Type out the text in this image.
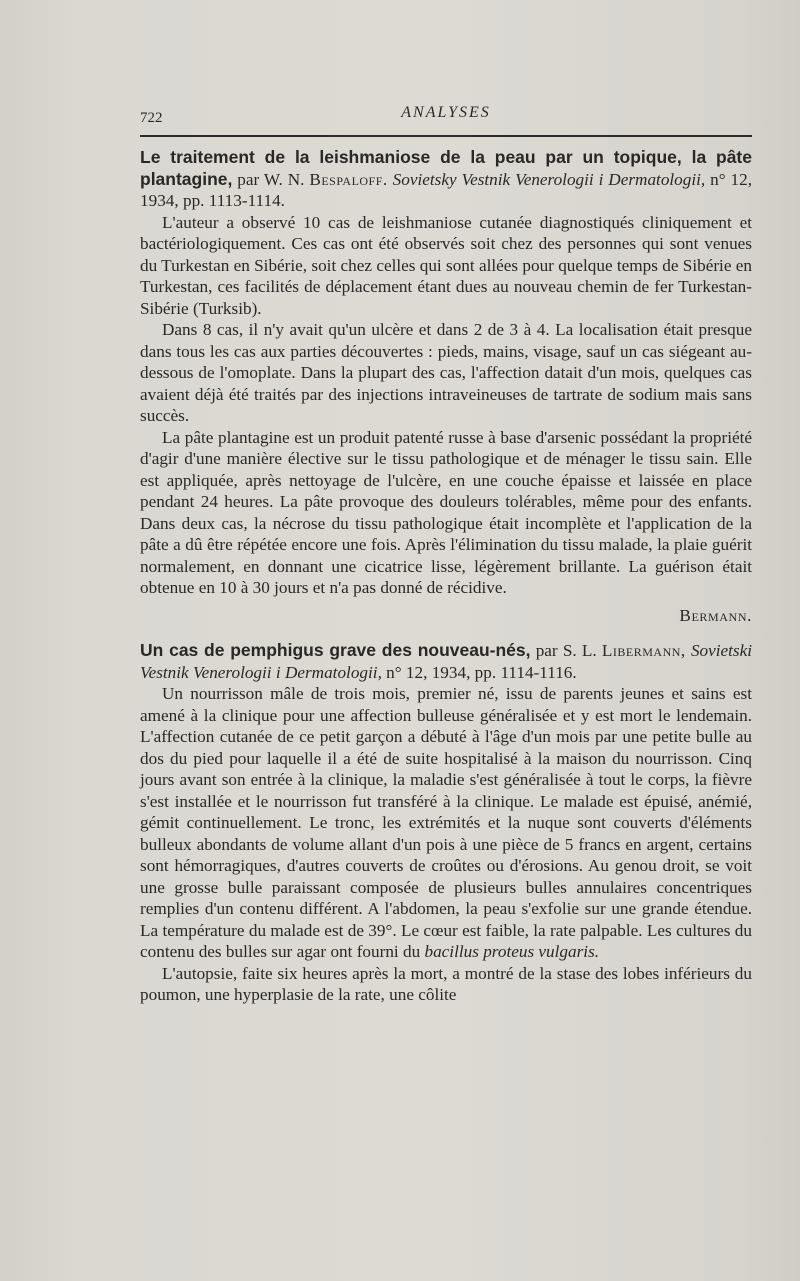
722	ANALYSES
Le traitement de la leishmaniose de la peau par un topique, la pâte plantagine, par W. N. Bespaloff. Sovietsky Vestnik Venerologii i Dermatologii, n° 12, 1934, pp. 1113-1114.

L'auteur a observé 10 cas de leishmaniose cutanée diagnostiqués cliniquement et bactériologiquement. Ces cas ont été observés soit chez des personnes qui sont venues du Turkestan en Sibérie, soit chez celles qui sont allées pour quelque temps de Sibérie en Turkestan, ces facilités de déplacement étant dues au nouveau chemin de fer Turkestan-Sibérie (Turksib).

Dans 8 cas, il n'y avait qu'un ulcère et dans 2 de 3 à 4. La localisation était presque dans tous les cas aux parties découvertes : pieds, mains, visage, sauf un cas siégeant au-dessous de l'omoplate. Dans la plupart des cas, l'affection datait d'un mois, quelques cas avaient déjà été traités par des injections intraveineuses de tartrate de sodium mais sans succès.

La pâte plantagine est un produit patenté russe à base d'arsenic possédant la propriété d'agir d'une manière élective sur le tissu pathologique et de ménager le tissu sain. Elle est appliquée, après nettoyage de l'ulcère, en une couche épaisse et laissée en place pendant 24 heures. La pâte provoque des douleurs tolérables, même pour des enfants. Dans deux cas, la nécrose du tissu pathologique était incomplète et l'application de la pâte a dû être répétée encore une fois. Après l'élimination du tissu malade, la plaie guérit normalement, en donnant une cicatrice lisse, légèrement brillante. La guérison était obtenue en 10 à 30 jours et n'a pas donné de récidive.

Bermann.
Un cas de pemphigus grave des nouveau-nés, par S. L. Libermann, Sovietski Vestnik Venerologii i Dermatologii, n° 12, 1934, pp. 1114-1116.

Un nourrisson mâle de trois mois, premier né, issu de parents jeunes et sains est amené à la clinique pour une affection bulleuse généralisée et y est mort le lendemain. L'affection cutanée de ce petit garçon a débuté à l'âge d'un mois par une petite bulle au dos du pied pour laquelle il a été de suite hospitalisé à la maison du nourrisson. Cinq jours avant son entrée à la clinique, la maladie s'est généralisée à tout le corps, la fièvre s'est installée et le nourrisson fut transféré à la clinique. Le malade est épuisé, anémié, gémit continuellement. Le tronc, les extrémités et la nuque sont couverts d'éléments bulleux abondants de volume allant d'un pois à une pièce de 5 francs en argent, certains sont hémorragiques, d'autres couverts de croûtes ou d'érosions. Au genou droit, se voit une grosse bulle paraissant composée de plusieurs bulles annulaires concentriques remplies d'un contenu différent. A l'abdomen, la peau s'exfolie sur une grande étendue. La température du malade est de 39°. Le cœur est faible, la rate palpable. Les cultures du contenu des bulles sur agar ont fourni du bacillus proteus vulgaris.

L'autopsie, faite six heures après la mort, a montré de la stase des lobes inférieurs du poumon, une hyperplasie de la rate, une côlite
